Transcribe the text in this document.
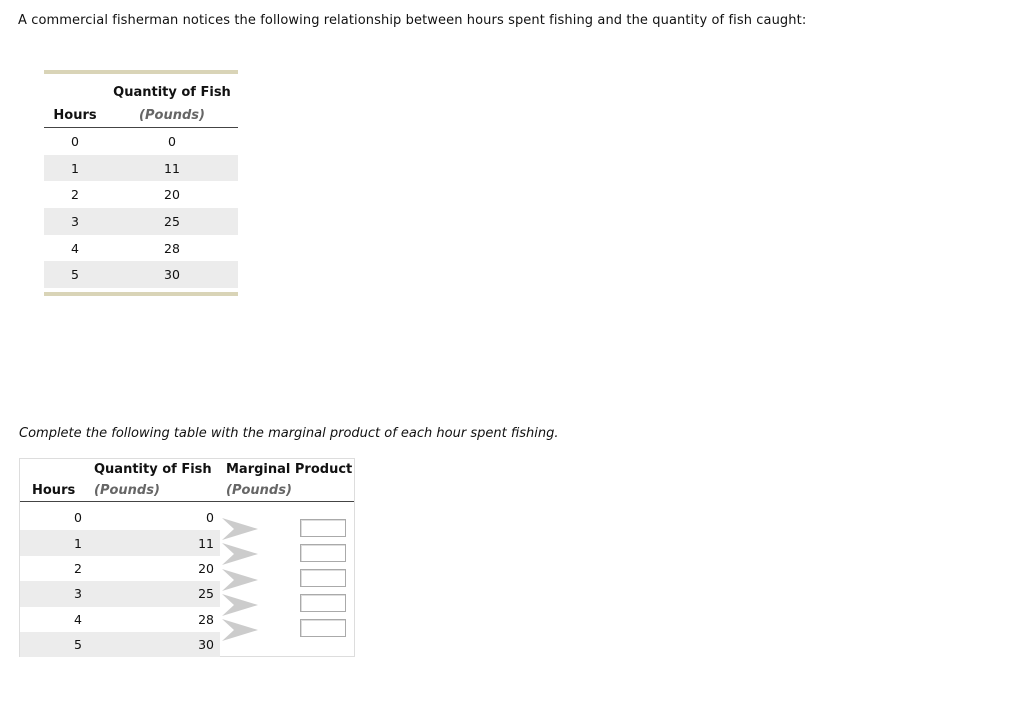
A commercial fisherman notices the following relationship between hours spent fishing and the quantity of fish caught:
Hours
Quantity of Fish
(Pounds)
0	0
1	11
2	20
3	25
4	28
5	30
Complete the following table with the marginal product of each hour spent fishing.
Hours
Quantity of Fish
(Pounds)
Marginal Product
(Pounds)
0	0
1	11
2	20
3	25
4	28
5	30
